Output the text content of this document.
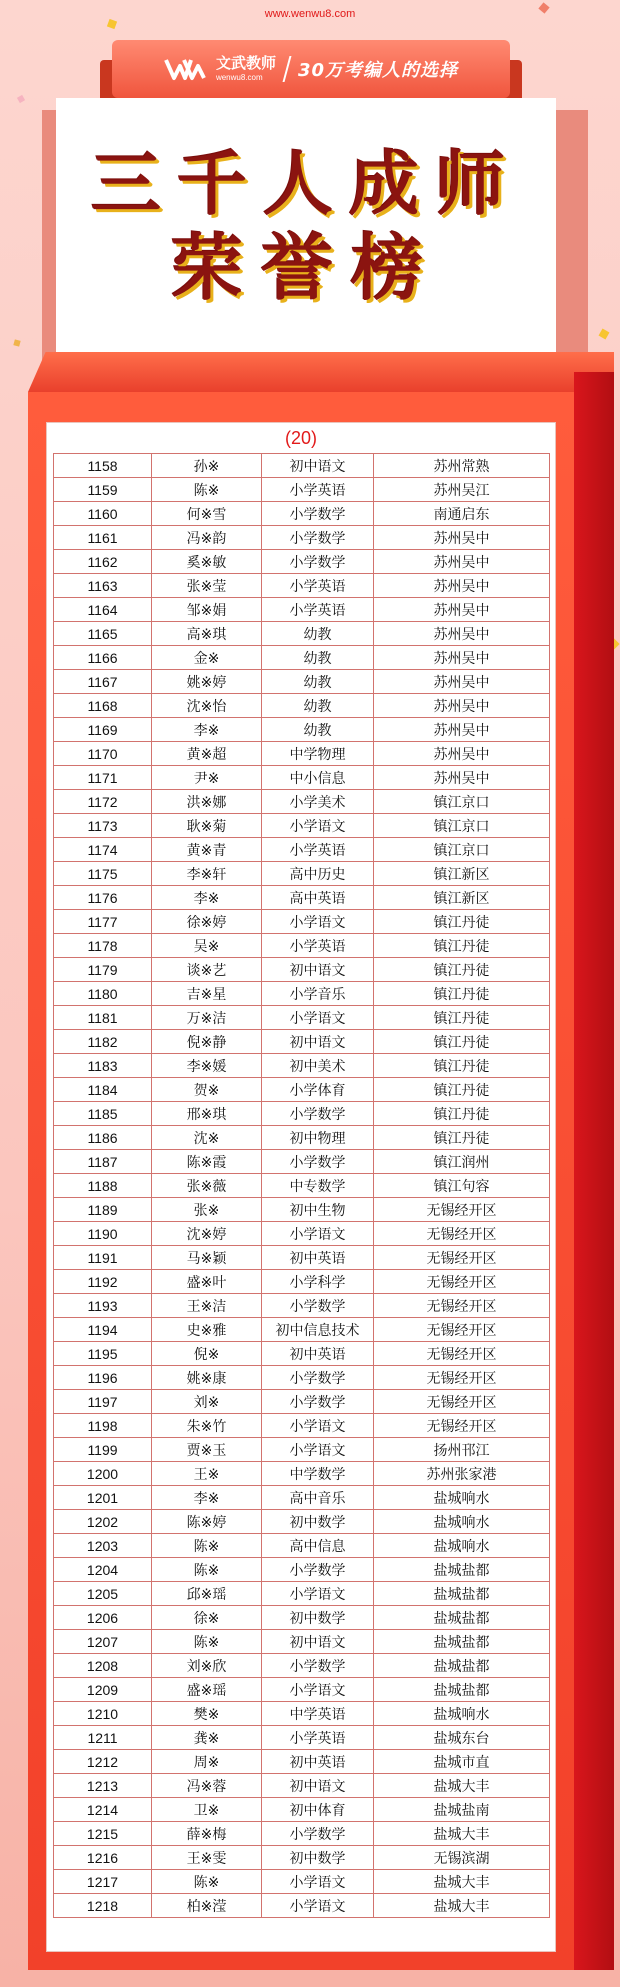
www.wenwu8.com
文武教师
wenwu8.com	30万考编人的选择
三千人成师
荣誉榜
(20)
1158	孙※	初中语文	苏州常熟
1159	陈※	小学英语	苏州吴江
1160	何※雪	小学数学	南通启东
1161	冯※韵	小学数学	苏州吴中
1162	奚※敏	小学数学	苏州吴中
1163	张※莹	小学英语	苏州吴中
1164	邹※娟	小学英语	苏州吴中
1165	高※琪	幼教	苏州吴中
1166	金※	幼教	苏州吴中
1167	姚※婷	幼教	苏州吴中
1168	沈※怡	幼教	苏州吴中
1169	李※	幼教	苏州吴中
1170	黄※超	中学物理	苏州吴中
1171	尹※	中小信息	苏州吴中
1172	洪※娜	小学美术	镇江京口
1173	耿※菊	小学语文	镇江京口
1174	黄※青	小学英语	镇江京口
1175	李※轩	高中历史	镇江新区
1176	李※	高中英语	镇江新区
1177	徐※婷	小学语文	镇江丹徒
1178	吴※	小学英语	镇江丹徒
1179	谈※艺	初中语文	镇江丹徒
1180	吉※星	小学音乐	镇江丹徒
1181	万※洁	小学语文	镇江丹徒
1182	倪※静	初中语文	镇江丹徒
1183	李※媛	初中美术	镇江丹徒
1184	贺※	小学体育	镇江丹徒
1185	邢※琪	小学数学	镇江丹徒
1186	沈※	初中物理	镇江丹徒
1187	陈※霞	小学数学	镇江润州
1188	张※薇	中专数学	镇江句容
1189	张※	初中生物	无锡经开区
1190	沈※婷	小学语文	无锡经开区
1191	马※颖	初中英语	无锡经开区
1192	盛※叶	小学科学	无锡经开区
1193	王※洁	小学数学	无锡经开区
1194	史※雅	初中信息技术	无锡经开区
1195	倪※	初中英语	无锡经开区
1196	姚※康	小学数学	无锡经开区
1197	刘※	小学数学	无锡经开区
1198	朱※竹	小学语文	无锡经开区
1199	贾※玉	小学语文	扬州邗江
1200	王※	中学数学	苏州张家港
1201	李※	高中音乐	盐城响水
1202	陈※婷	初中数学	盐城响水
1203	陈※	高中信息	盐城响水
1204	陈※	小学数学	盐城盐都
1205	邱※瑶	小学语文	盐城盐都
1206	徐※	初中数学	盐城盐都
1207	陈※	初中语文	盐城盐都
1208	刘※欣	小学数学	盐城盐都
1209	盛※瑶	小学语文	盐城盐都
1210	樊※	中学英语	盐城响水
1211	龚※	小学英语	盐城东台
1212	周※	初中英语	盐城市直
1213	冯※蓉	初中语文	盐城大丰
1214	卫※	初中体育	盐城盐南
1215	薛※梅	小学数学	盐城大丰
1216	王※雯	初中数学	无锡滨湖
1217	陈※	小学语文	盐城大丰
1218	柏※滢	小学语文	盐城大丰
